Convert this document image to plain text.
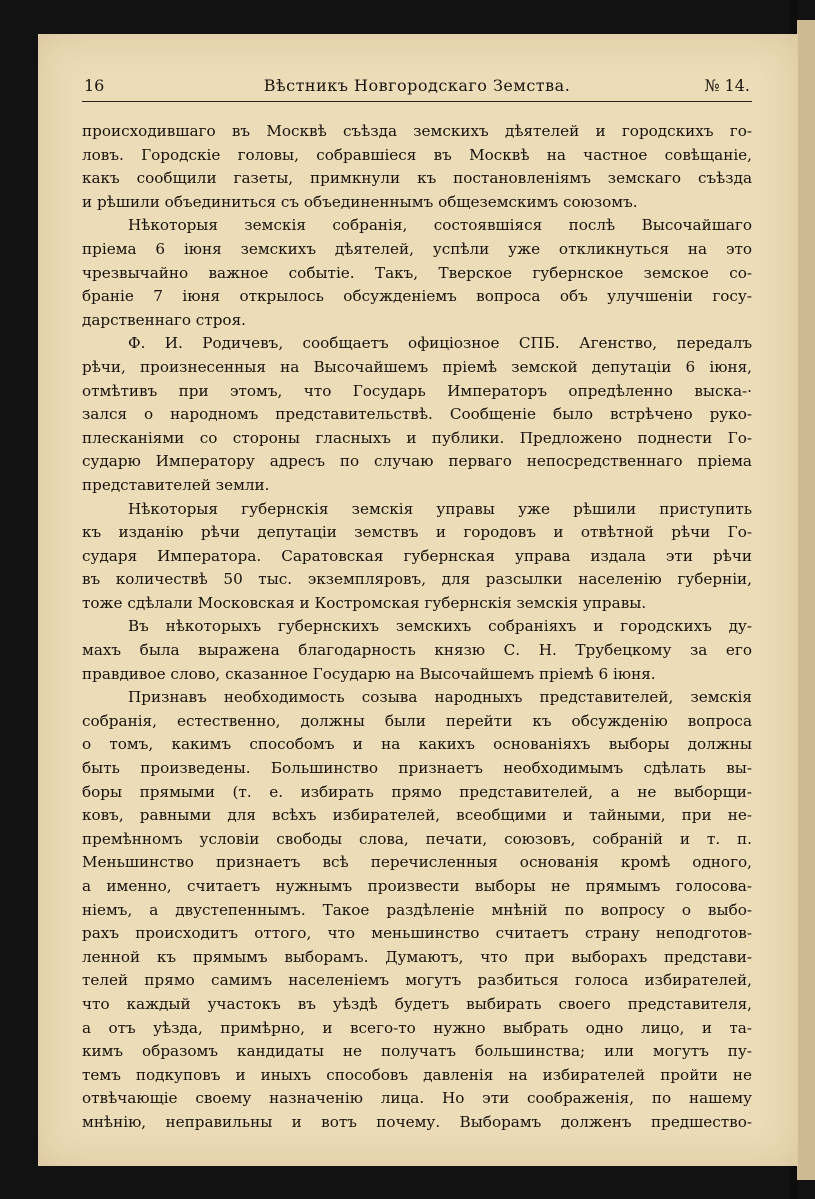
16	Вѣстникъ Новгородскаго Земства.	№ 14.
происходившаго въ Москвѣ съѣзда земскихъ дѣятелей и городскихъ го-
ловъ. Городскіе головы, собравшіеся въ Москвѣ на частное совѣщаніе,
какъ сообщили газеты, примкнули къ постановленіямъ земскаго съѣзда
и рѣшили объединиться съ объединеннымъ общеземскимъ союзомъ.
Нѣкоторыя земскія собранія, состоявшіяся послѣ Высочайшаго
пріема 6 іюня земскихъ дѣятелей, успѣли уже откликнуться на это
чрезвычайно важное событіе. Такъ, Тверское губернское земское со-
браніе 7 іюня открылось обсужденіемъ вопроса объ улучшеніи госу-
дарственнаго строя.
Ф. И. Родичевъ, сообщаетъ офиціозное СПБ. Агенство, передалъ
рѣчи, произнесенныя на Высочайшемъ пріемѣ земской депутаціи 6 іюня,
отмѣтивъ при этомъ, что Государь Императоръ опредѣленно выска-·
зался о народномъ представительствѣ. Сообщеніе было встрѣчено руко-
плесканіями со стороны гласныхъ и публики. Предложено поднести Го-
сударю Императору адресъ по случаю перваго непосредственнаго пріема
представителей земли.
Нѣкоторыя губернскія земскія управы уже рѣшили приступить
къ изданію рѣчи депутаціи земствъ и городовъ и отвѣтной рѣчи Го-
сударя Императора. Саратовская губернская управа издала эти рѣчи
въ количествѣ 50 тыс. экземпляровъ, для разсылки населенію губерніи,
тоже сдѣлали Московская и Костромская губернскія земскія управы.
Въ нѣкоторыхъ губернскихъ земскихъ собраніяхъ и городскихъ ду-
махъ была выражена благодарность князю С. Н. Трубецкому за его
правдивое слово, сказанное Государю на Высочайшемъ пріемѣ 6 іюня.
Признавъ необходимость созыва народныхъ представителей, земскія
собранія, естественно, должны были перейти къ обсужденію вопроса
о томъ, какимъ способомъ и на какихъ основаніяхъ выборы должны
быть произведены. Большинство признаетъ необходимымъ сдѣлать вы-
боры прямыми (т. е. избирать прямо представителей, а не выборщи-
ковъ, равными для всѣхъ избирателей, всеобщими и тайными, при не-
премѣнномъ условіи свободы слова, печати, союзовъ, собраній и т. п.
Меньшинство признаетъ всѣ перечисленныя основанія кромѣ одного,
а именно, считаетъ нужнымъ произвести выборы не прямымъ голосова-
ніемъ, а двустепеннымъ. Такое раздѣленіе мнѣній по вопросу о выбо-
рахъ происходитъ оттого, что меньшинство считаетъ страну неподготов-
ленной къ прямымъ выборамъ. Думаютъ, что при выборахъ представи-
телей прямо самимъ населеніемъ могутъ разбиться голоса избирателей,
что каждый участокъ въ уѣздѣ будетъ выбирать своего представителя,
а отъ уѣзда, примѣрно, и всего-то нужно выбрать одно лицо, и та-
кимъ образомъ кандидаты не получатъ большинства; или могутъ пу-
темъ подкуповъ и иныхъ способовъ давленія на избирателей пройти не
отвѣчающіе своему назначенію лица. Но эти соображенія, по нашему
мнѣнію, неправильны и вотъ почему. Выборамъ долженъ предшество-
